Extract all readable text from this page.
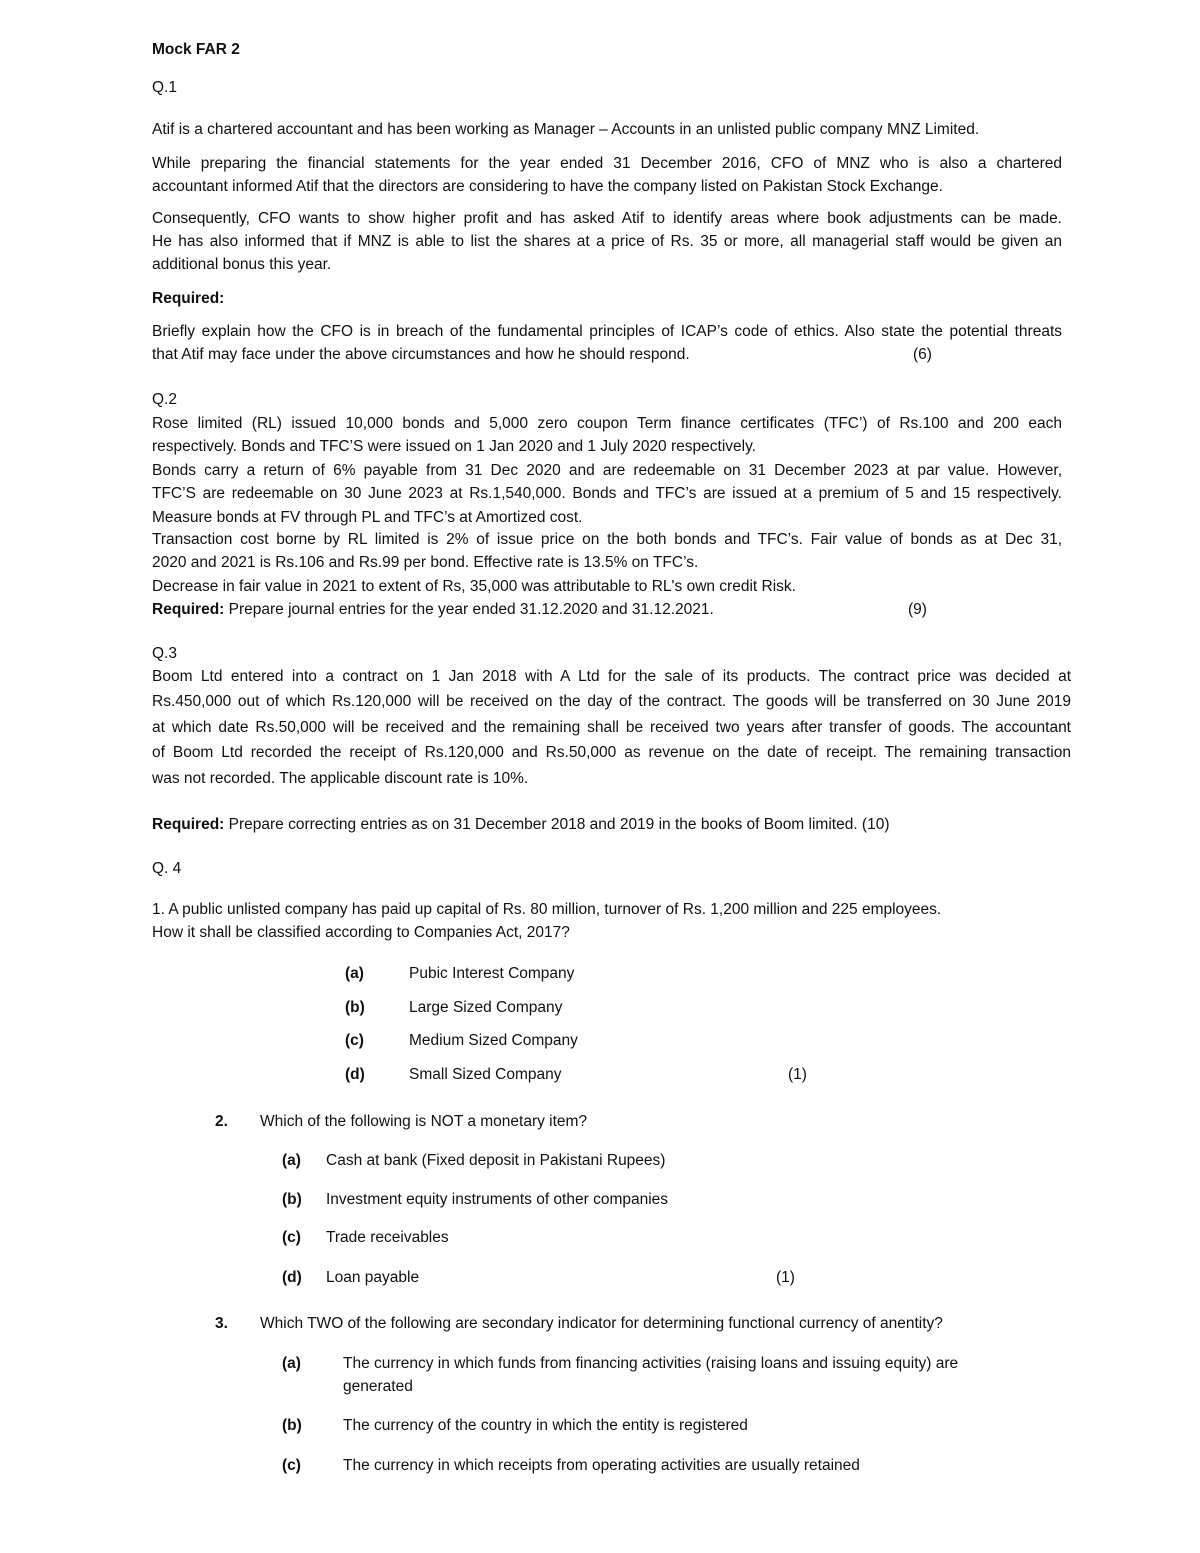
Mock FAR 2
Q.1
Atif is a chartered accountant and has been working as Manager – Accounts in an unlisted public company MNZ Limited.
While preparing the financial statements for the year ended 31 December 2016, CFO of MNZ who is also a chartered
accountant informed Atif that the directors are considering to have the company listed on Pakistan Stock Exchange.
Consequently, CFO wants to show higher profit and has asked Atif to identify areas where book adjustments can be made.
He has also informed that if MNZ is able to list the shares at a price of Rs. 35 or more, all managerial staff would be given an
additional bonus this year.
Required:
Briefly explain how the CFO is in breach of the fundamental principles of ICAP’s code of ethics. Also state the potential threats
that Atif may face under the above circumstances and how he should respond.	(6)
Q.2
Rose limited (RL) issued 10,000 bonds and 5,000 zero coupon Term finance certificates (TFC’) of Rs.100 and 200 each
respectively. Bonds and TFC’S were issued on 1 Jan 2020 and 1 July 2020 respectively.
Bonds carry a return of 6% payable from 31 Dec 2020 and are redeemable on 31 December 2023 at par value. However,
TFC’S are redeemable on 30 June 2023 at Rs.1,540,000. Bonds and TFC’s are issued at a premium of 5 and 15 respectively.
Measure bonds at FV through PL and TFC’s at Amortized cost.
Transaction cost borne by RL limited is 2% of issue price on the both bonds and TFC’s. Fair value of bonds as at Dec 31,
2020 and 2021 is Rs.106 and Rs.99 per bond. Effective rate is 13.5% on TFC’s.
Decrease in fair value in 2021 to extent of Rs, 35,000 was attributable to RL's own credit Risk.
Required: Prepare journal entries for the year ended 31.12.2020 and 31.12.2021.	(9)
Q.3
Boom Ltd entered into a contract on 1 Jan 2018 with A Ltd for the sale of its products. The contract price was decided at
Rs.450,000 out of which Rs.120,000 will be received on the day of the contract. The goods will be transferred on 30 June 2019
at which date Rs.50,000 will be received and the remaining shall be received two years after transfer of goods. The accountant
of Boom Ltd recorded the receipt of Rs.120,000 and Rs.50,000 as revenue on the date of receipt. The remaining transaction
was not recorded. The applicable discount rate is 10%.
Required: Prepare correcting entries as on 31 December 2018 and 2019 in the books of Boom limited. (10)
Q. 4
1. A public unlisted company has paid up capital of Rs. 80 million, turnover of Rs. 1,200 million and 225 employees.
How it shall be classified according to Companies Act, 2017?
(a)	Pubic Interest Company
(b)	Large Sized Company
(c)	Medium Sized Company
(d)	Small Sized Company	(1)
2. Which of the following is NOT a monetary item?
(a) Cash at bank (Fixed deposit in Pakistani Rupees)
(b) Investment equity instruments of other companies
(c) Trade receivables
(d) Loan payable	(1)
3. Which TWO of the following are secondary indicator for determining functional currency of anentity?
(a)	The currency in which funds from financing activities (raising loans and issuing equity) are
generated
(b)	The currency of the country in which the entity is registered
(c)	The currency in which receipts from operating activities are usually retained
